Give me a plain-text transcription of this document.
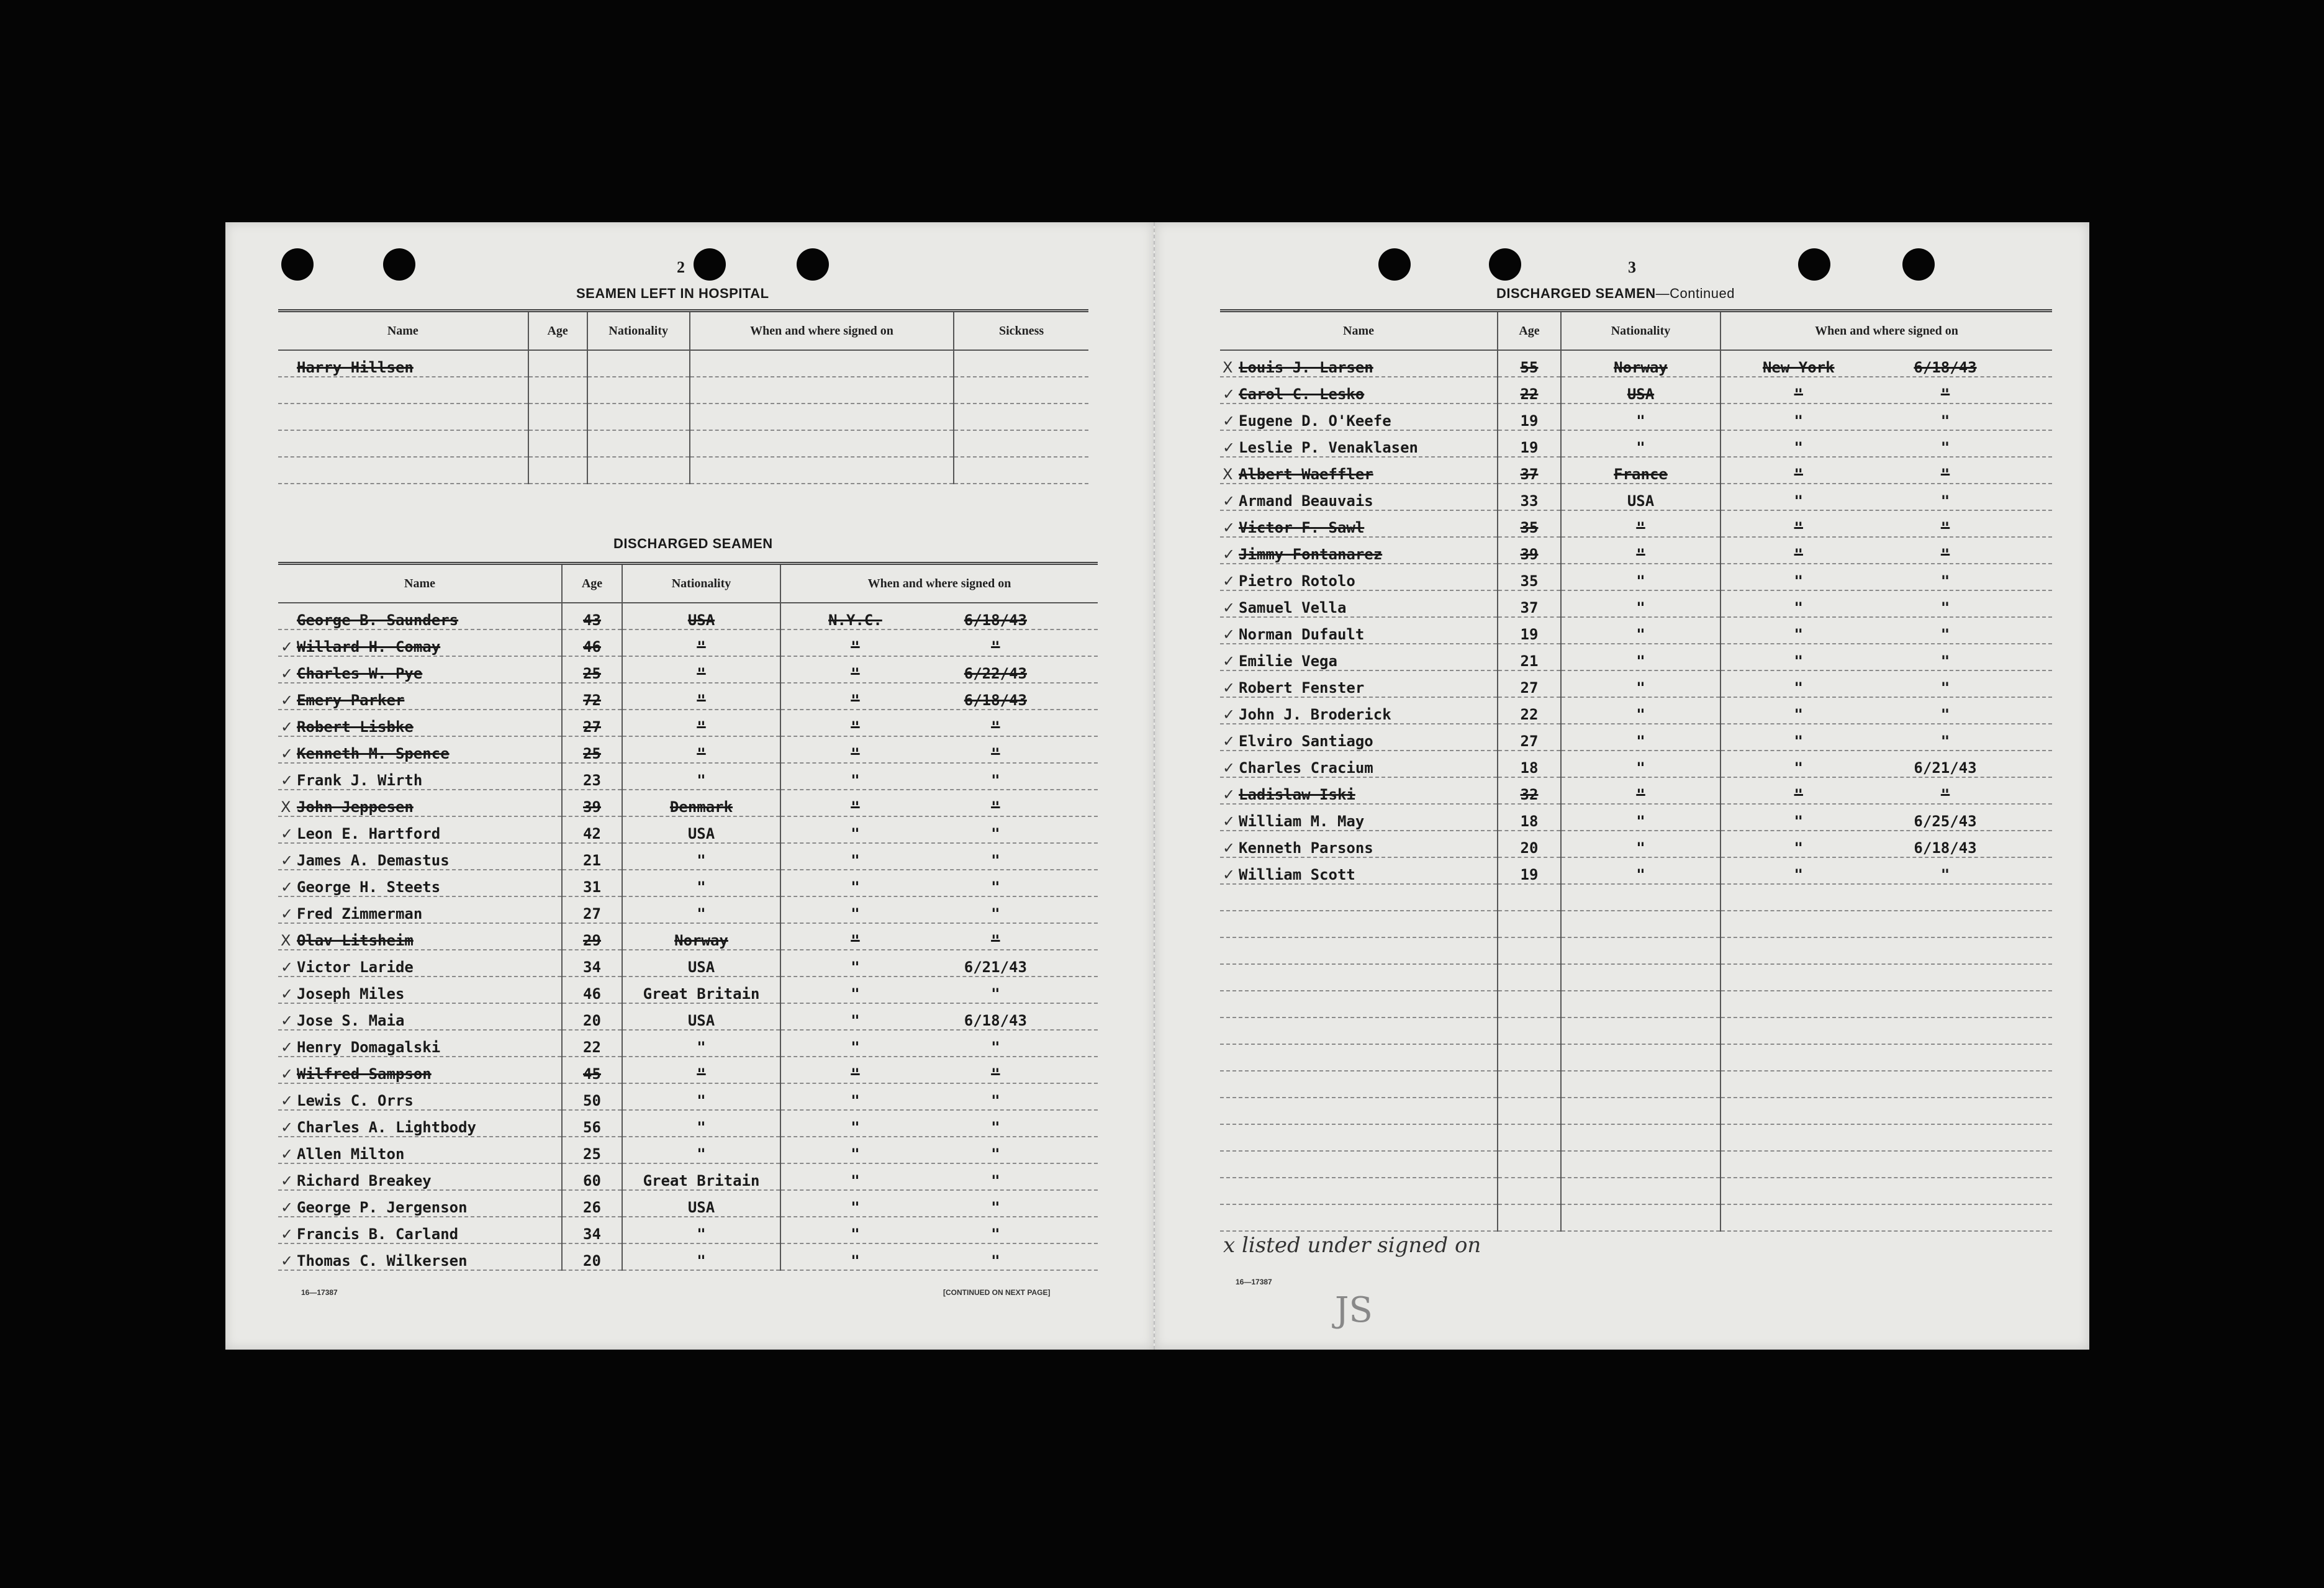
2
SEAMEN LEFT IN HOSPITAL
Name	Age	Nationality	When and where signed on	Sickness
Harry Hillsen				

DISCHARGED SEAMEN
Name	Age	Nationality	When and where signed on
George B. Saunders	43	USA	N.Y.C. 6/18/43
✓ Willard H. Comay	46	"	" "
✓ Charles W. Pye	25	"	" 6/22/43
✓ Emery Parker	72	"	" 6/18/43
✓ Robert Lisbke	27	"	" "
✓ Kenneth M. Spence	25	"	" "
✓ Frank J. Wirth	23	"	" "
X John Jeppesen	39	Denmark	" "
✓ Leon E. Hartford	42	USA	" "
✓ James A. Demastus	21	"	" "
✓ George H. Steets	31	"	" "
✓ Fred Zimmerman	27	"	" "
X Olav Litsheim	29	Norway	" "
✓ Victor Laride	34	USA	" 6/21/43
✓ Joseph Miles	46	Great Britain	" "
✓ Jose S. Maia	20	USA	" 6/18/43
✓ Henry Domagalski	22	"	" "
✓ Wilfred Sampson	45	"	" "
✓ Lewis C. Orrs	50	"	" "
✓ Charles A. Lightbody	56	"	" "
✓ Allen Milton	25	"	" "
✓ Richard Breakey	60	Great Britain	" "
✓ George P. Jergenson	26	USA	" "
✓ Francis B. Carland	34	"	" "
✓ Thomas C. Wilkersen	20	"	" "
16—17387	[CONTINUED ON NEXT PAGE]
3
DISCHARGED SEAMEN—Continued
Name	Age	Nationality	When and where signed on
X Louis J. Larsen	55	Norway	New York 6/18/43
✓ Carol C. Lesko	22	USA	" "
✓ Eugene D. O'Keefe	19	"	" "
✓ Leslie P. Venaklasen	19	"	" "
X Albert Waeffler	37	France	" "
✓ Armand Beauvais	33	USA	" "
✓ Victor F. Sawl	35	"	" "
✓ Jimmy Fontanarez	39	"	" "
✓ Pietro Rotolo	35	"	" "
✓ Samuel Vella	37	"	" "
✓ Norman Dufault	19	"	" "
✓ Emilie Vega	21	"	" "
✓ Robert Fenster	27	"	" "
✓ John J. Broderick	22	"	" "
✓ Elviro Santiago	27	"	" "
✓ Charles Cracium	18	"	" 6/21/43
✓ Ladislaw Iski	32	"	" "
✓ William M. May	18	"	" 6/25/43
✓ Kenneth Parsons	20	"	" 6/18/43
✓ William Scott	19	"	" "

x listed under signed on
16—17387
JS
